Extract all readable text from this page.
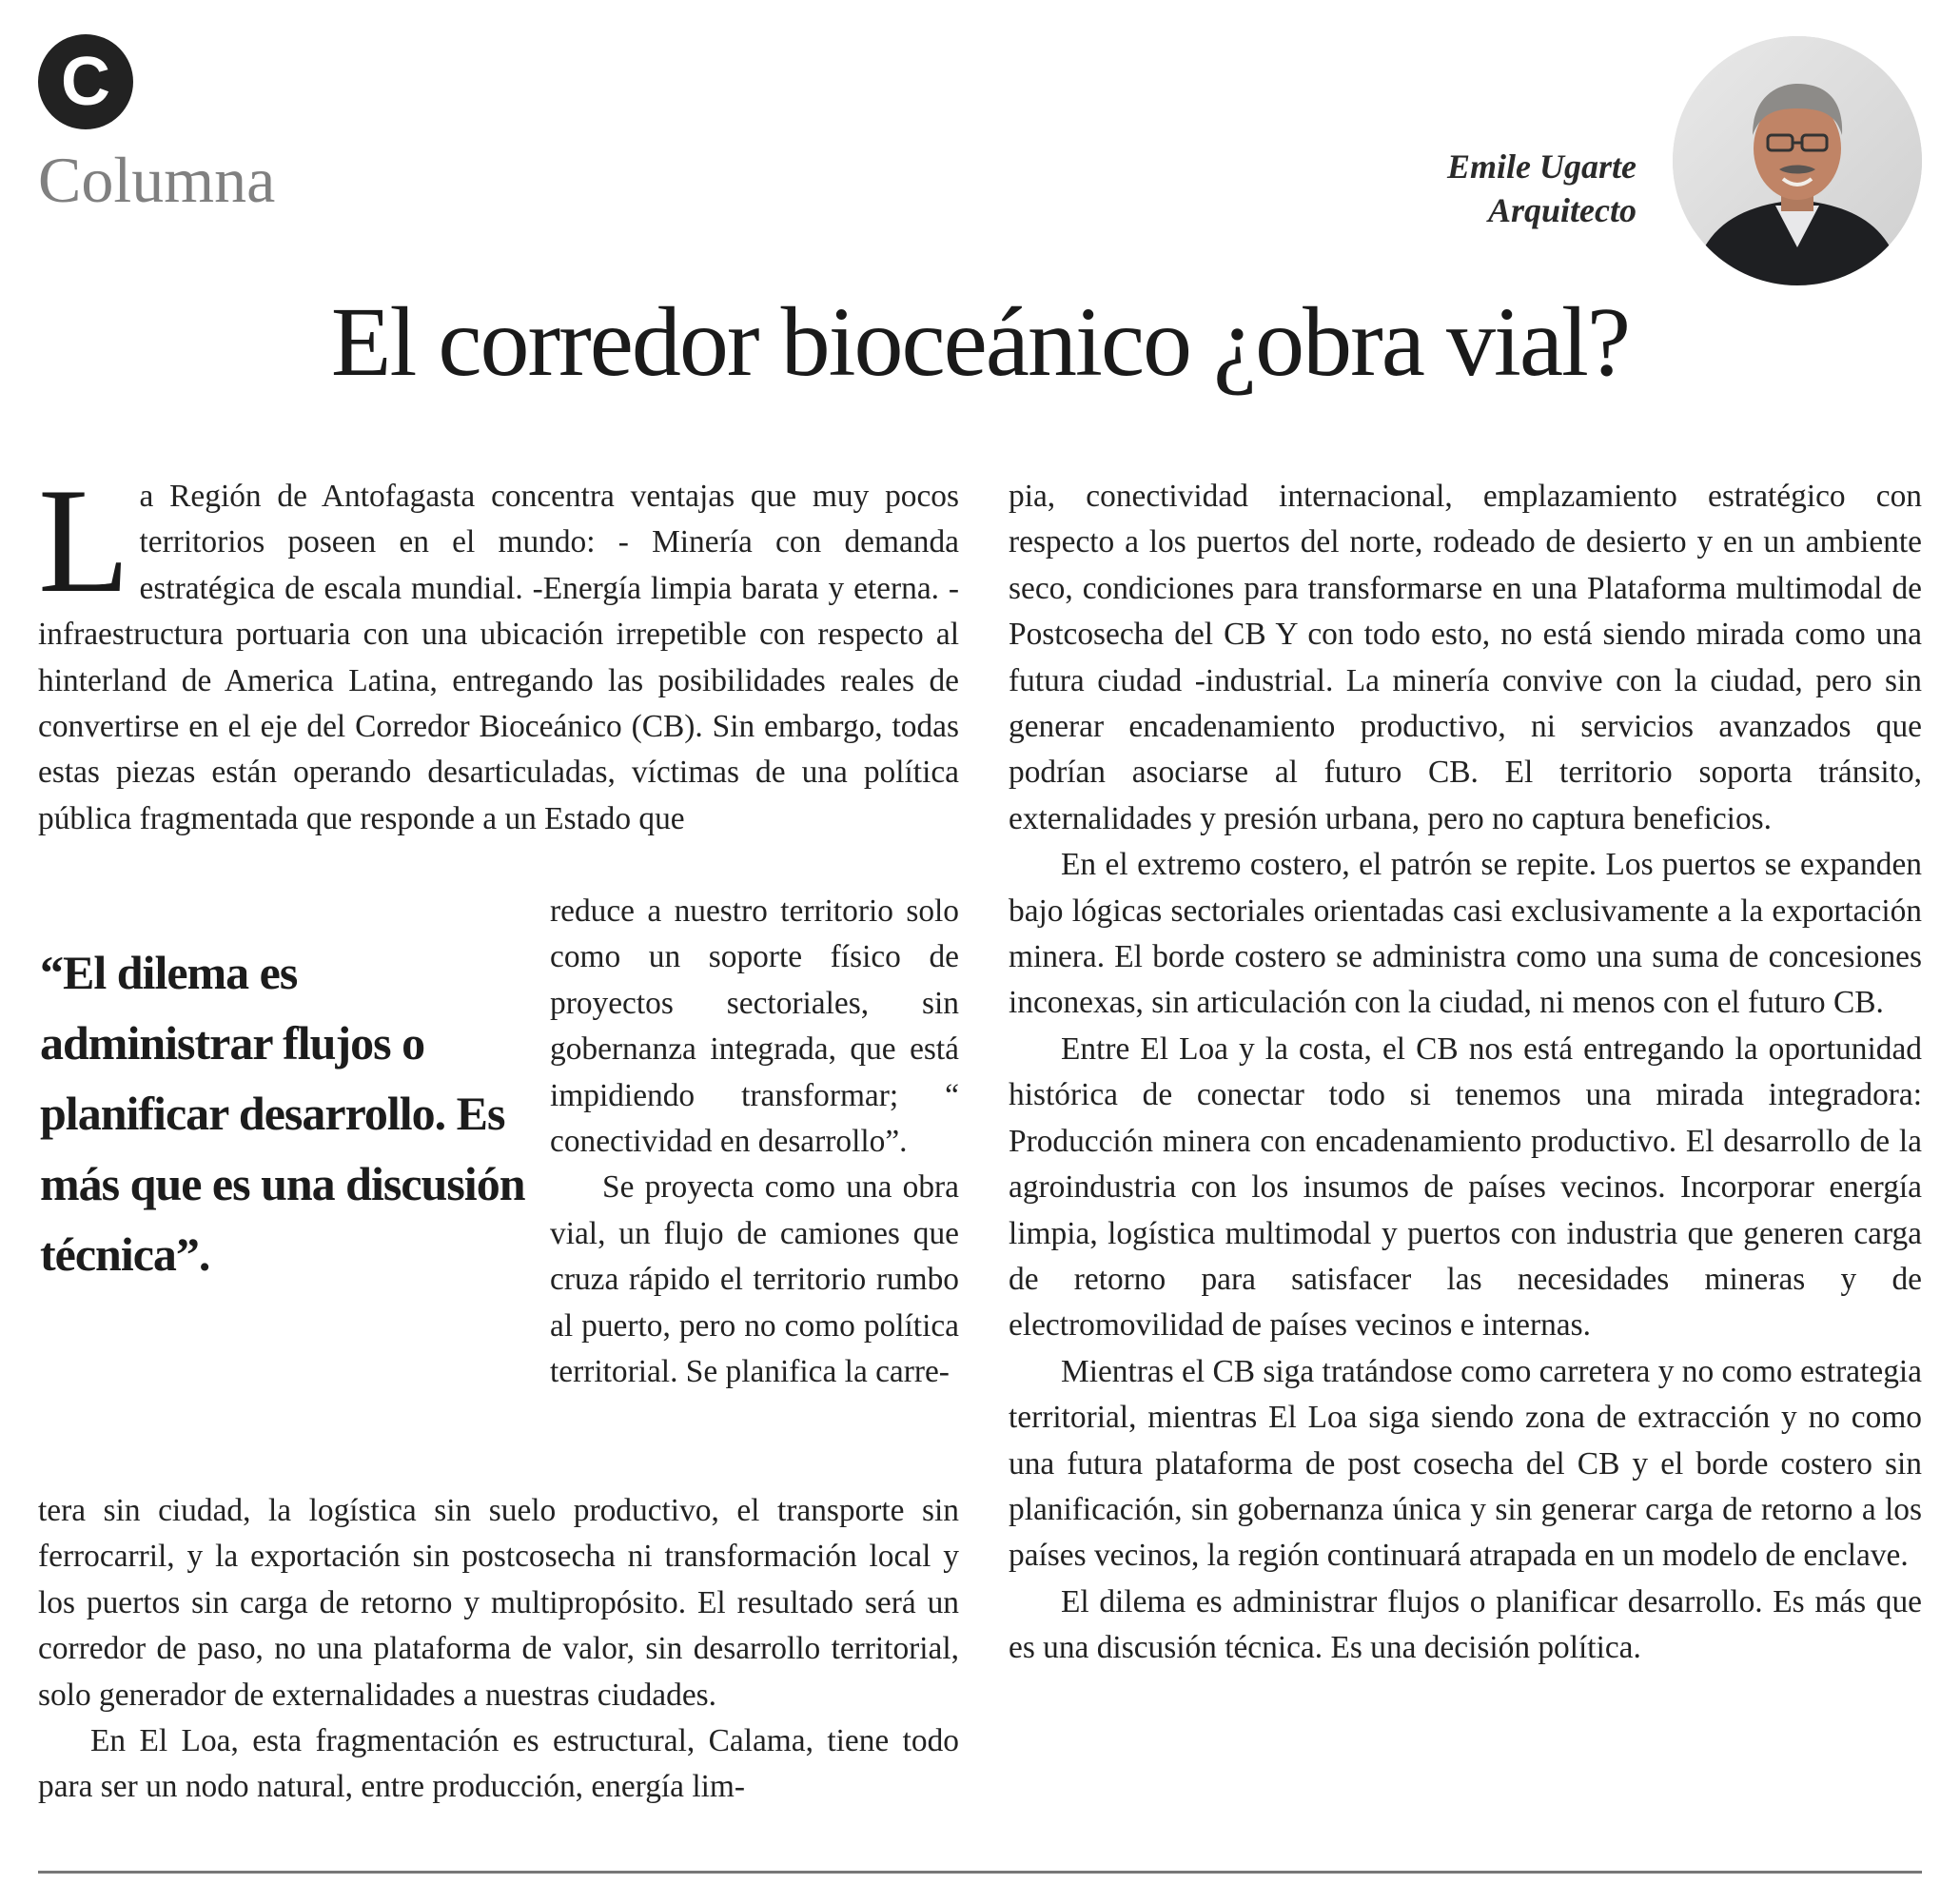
C
Columna	Emile Ugarte
Arquitecto
El corredor bioceánico ¿obra vial?

La Región de Antofagasta concentra ventajas que muy pocos territorios poseen en el mundo: - Minería con demanda estratégica de escala mundial. -Energía limpia barata y eterna. -infraestructura portuaria con una ubicación irrepetible con respecto al hinterland de America Latina, entregando las posibilidades reales de convertirse en el eje del Corredor Bioceánico (CB). Sin embargo, todas estas piezas están operando desarticuladas, víctimas de una política pública fragmentada que responde a un Estado que

reduce a nuestro territorio solo como un soporte físico de proyectos sectoriales, sin gobernanza integrada, que está impidiendo transformar; “ conectividad en desarrollo”.

Se proyecta como una obra vial, un flujo de camiones que cruza rápido el territorio rumbo al puerto, pero no como política territorial. Se planifica la carre-

“El dilema es administrar flujos o planificar desarrollo. Es más que es una discusión técnica”.

tera sin ciudad, la logística sin suelo productivo, el transporte sin ferrocarril, y la exportación sin postcosecha ni transformación local y los puertos sin carga de retorno y multipropósito. El resultado será un corredor de paso, no una plataforma de valor, sin desarrollo territorial, solo generador de externalidades a nuestras ciudades.

En El Loa, esta fragmentación es estructural, Calama, tiene todo para ser un nodo natural, entre producción, energía lim-

pia, conectividad internacional, emplazamiento estratégico con respecto a los puertos del norte, rodeado de desierto y en un ambiente seco, condiciones para transformarse en una Plataforma multimodal de Postcosecha del CB Y con todo esto, no está siendo mirada como una futura ciudad -industrial. La minería convive con la ciudad, pero sin generar encadenamiento productivo, ni servicios avanzados que podrían asociarse al futuro CB. El territorio soporta tránsito, externalidades y presión urbana, pero no captura beneficios.

En el extremo costero, el patrón se repite. Los puertos se expanden bajo lógicas sectoriales orientadas casi exclusivamente a la exportación minera. El borde costero se administra como una suma de concesiones inconexas, sin articulación con la ciudad, ni menos con el futuro CB.

Entre El Loa y la costa, el CB nos está entregando la oportunidad histórica de conectar todo si tenemos una mirada integradora: Producción minera con encadenamiento productivo. El desarrollo de la agroindustria con los insumos de países vecinos. Incorporar energía limpia, logística multimodal y puertos con industria que generen carga de retorno para satisfacer las necesidades mineras y de electromovilidad de países vecinos e internas.

Mientras el CB siga tratándose como carretera y no como estrategia territorial, mientras El Loa siga siendo zona de extracción y no como una futura plataforma de post cosecha del CB y el borde costero sin planificación, sin gobernanza única y sin generar carga de retorno a los países vecinos, la región continuará atrapada en un modelo de enclave.

El dilema es administrar flujos o planificar desarrollo. Es más que es una discusión técnica. Es una decisión política.
